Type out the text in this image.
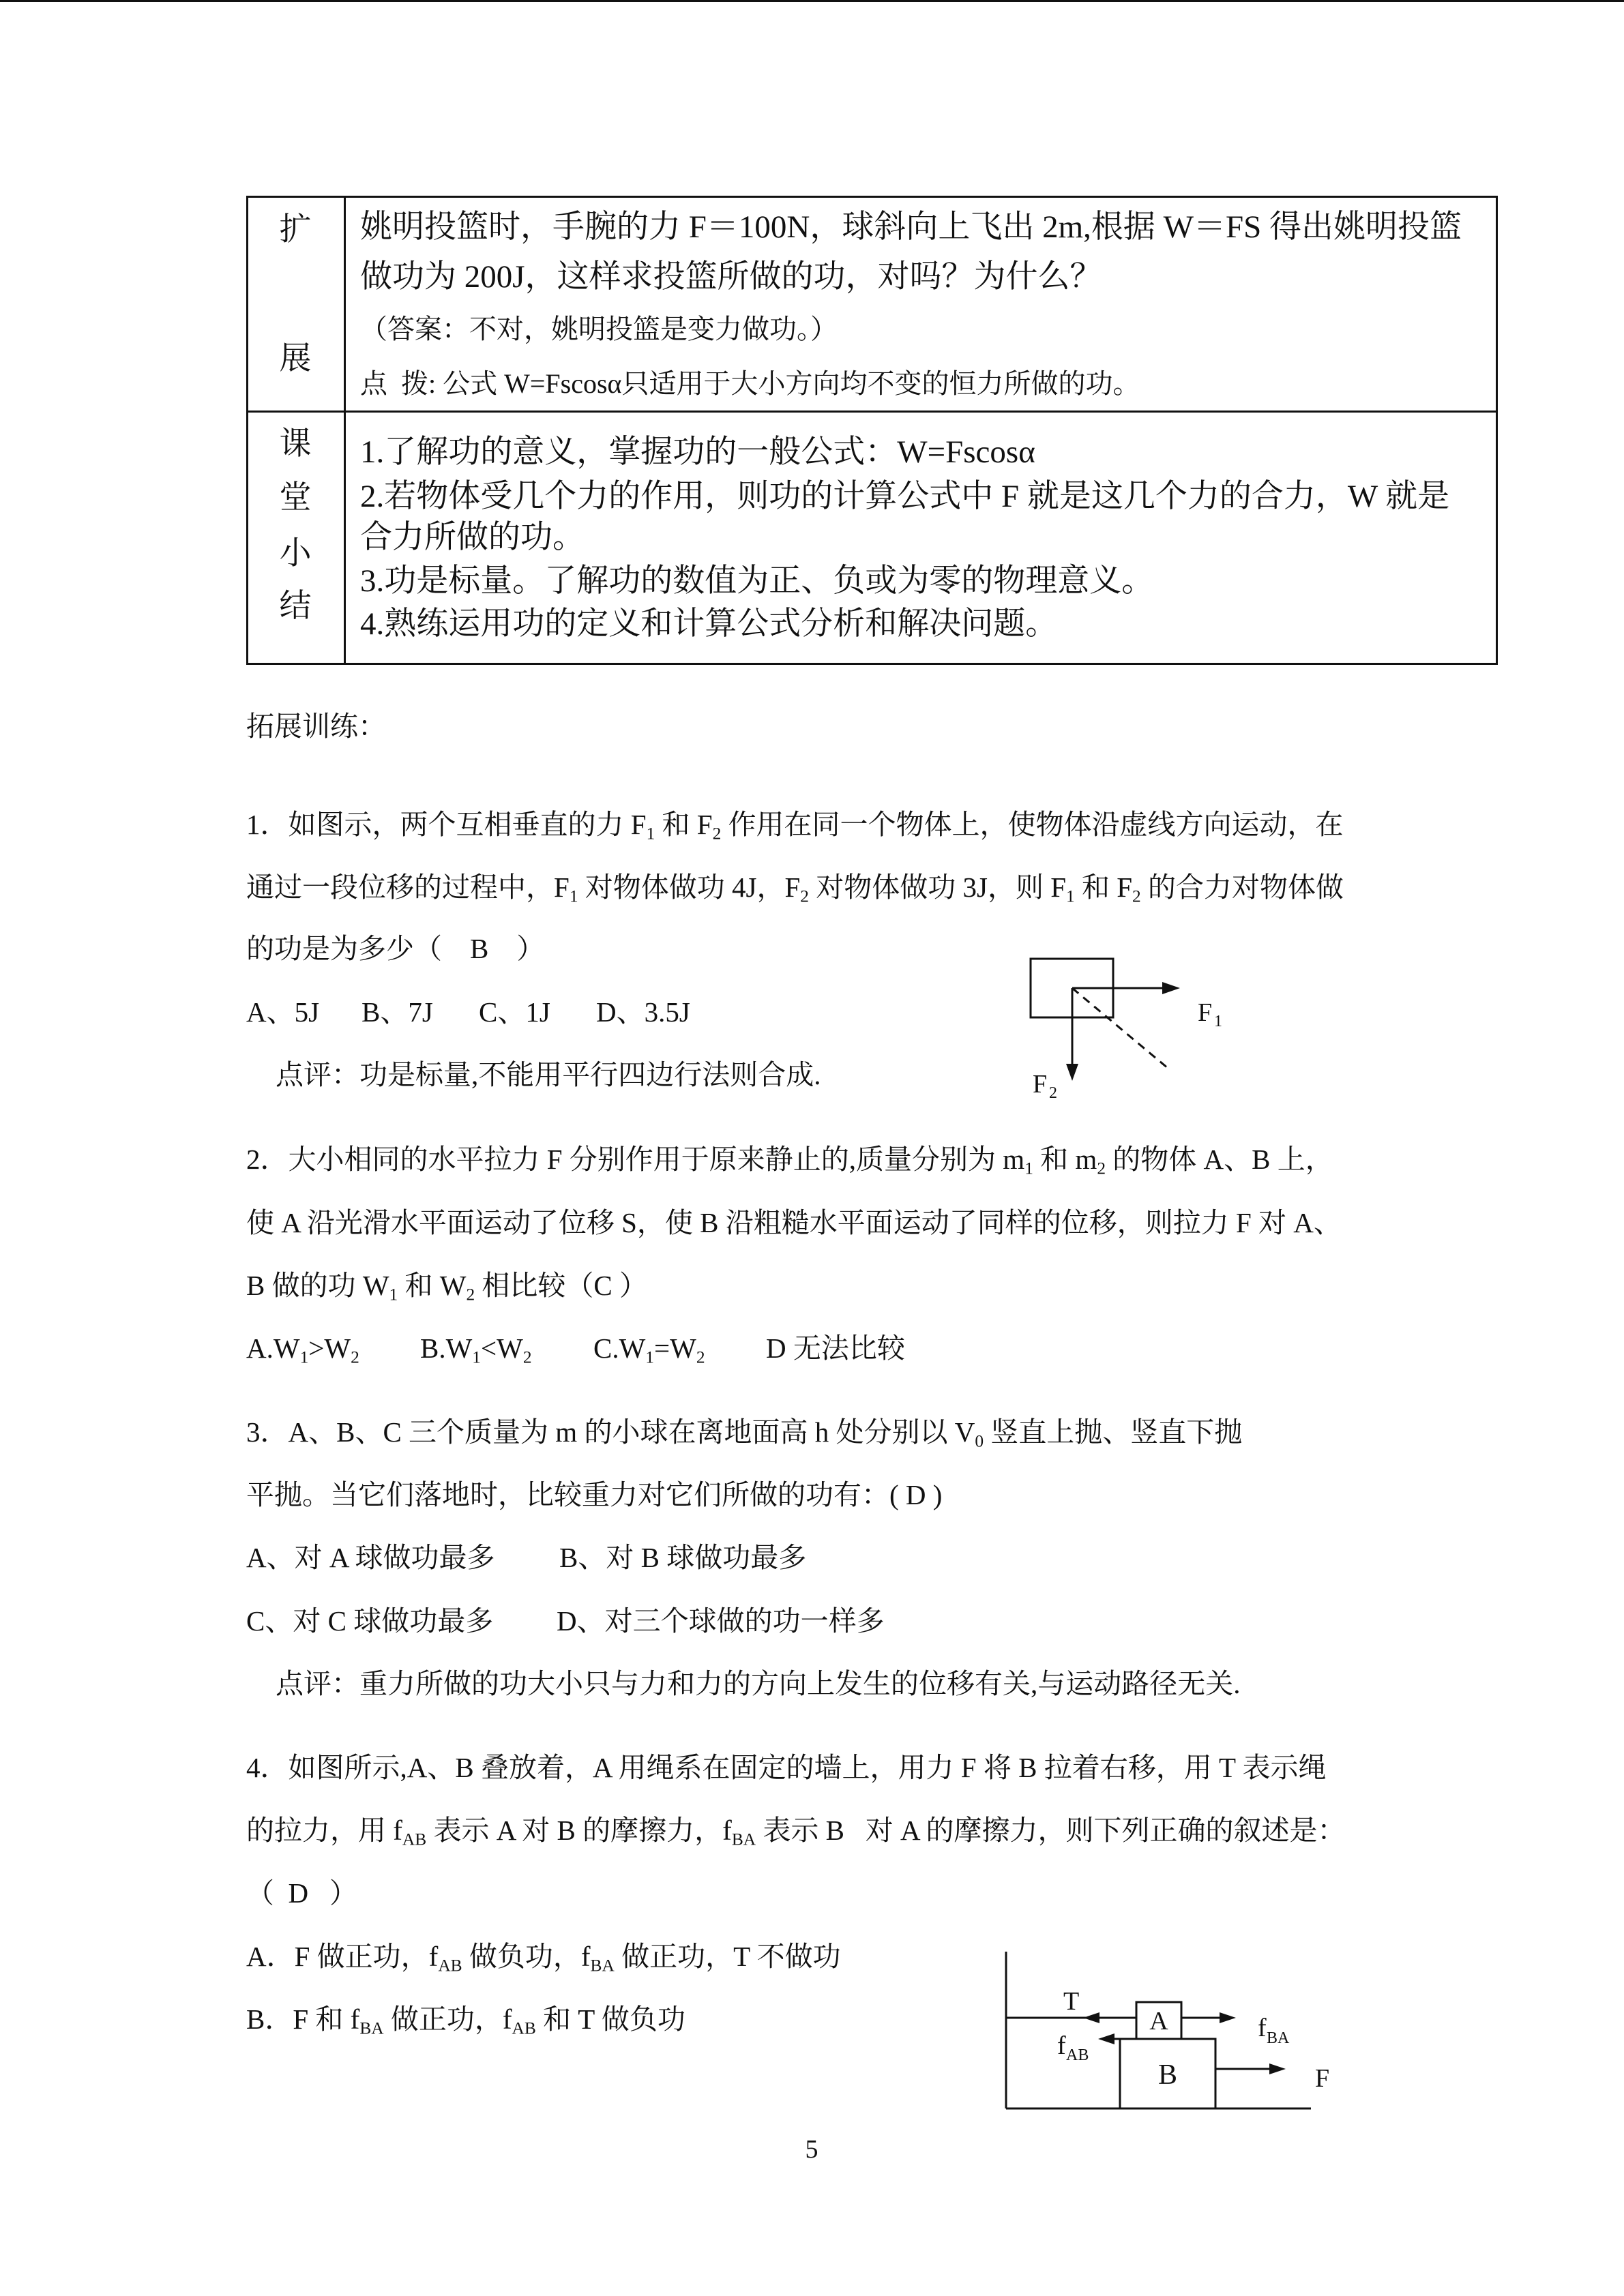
扩
展
姚明投篮时，手腕的力 F＝100N，球斜向上飞出 2m,根据 W＝FS 得出姚明投篮
做功为 200J，这样求投篮所做的功，对吗？为什么？
（答案：不对，姚明投篮是变力做功。）
点  拨: 公式 W=Fscosα只适用于大小方向均不变的恒力所做的功。
课
堂
小
结
1.了解功的意义，掌握功的一般公式：W=Fscosα
2.若物体受几个力的作用，则功的计算公式中 F 就是这几个力的合力，W 就是
合力所做的功。
3.功是标量。了解功的数值为正、负或为零的物理意义。
4.熟练运用功的定义和计算公式分析和解决问题。
拓展训练：
1．如图示，两个互相垂直的力 $F_1$ 和 $F_2$ 作用在同一个物体上，使物体沿虚线方向运动，在
通过一段位移的过程中，$F_1$ 对物体做功 4J，$F_2$ 对物体做功 3J，则 $F_1$ 和 $F_2$ 的合力对物体做
的功是为多少（    B    ）
A、5J B、7J C、1J D、3.5J
点评：功是标量,不能用平行四边行法则合成.
F 1
F 2
2．大小相同的水平拉力 F 分别作用于原来静止的,质量分别为 $m_1$ 和 $m_2$ 的物体 A、B 上，
使 A 沿光滑水平面运动了位移 S，使 B 沿粗糙水平面运动了同样的位移，则拉力 F 对 A、
B 做的功 $W_1$ 和 $W_2$ 相比较（C ）
$A.W_1>W_2$ $B.W_1<W_2$ $C.W_1=W_2$ D 无法比较
3．A、B、C 三个质量为 m 的小球在离地面高 h 处分别以 $V_0$ 竖直上抛、竖直下抛
平抛。当它们落地时，比较重力对它们所做的功有：( D )
A、对 A 球做功最多 B、对 B 球做功最多
C、对 C 球做功最多 D、对三个球做的功一样多
点评：重力所做的功大小只与力和力的方向上发生的位移有关,与运动路径无关.
4．如图所示,A、B 叠放着，A 用绳系在固定的墙上，用力 F 将 B 拉着右移，用 T 表示绳
的拉力，用 $f_{AB}$ 表示 A 对 B 的摩擦力，$f_{BA}$ 表示 B   对 A 的摩擦力，则下列正确的叙述是：
（  D   ）
A．F 做正功，$f_{AB}$ 做负功，$f_{BA}$ 做正功，T 不做功
B．F 和 $f_{BA}$ 做正功，$f_{AB}$ 和 T 做负功	A
B
T
f BA
f AB
F
5
